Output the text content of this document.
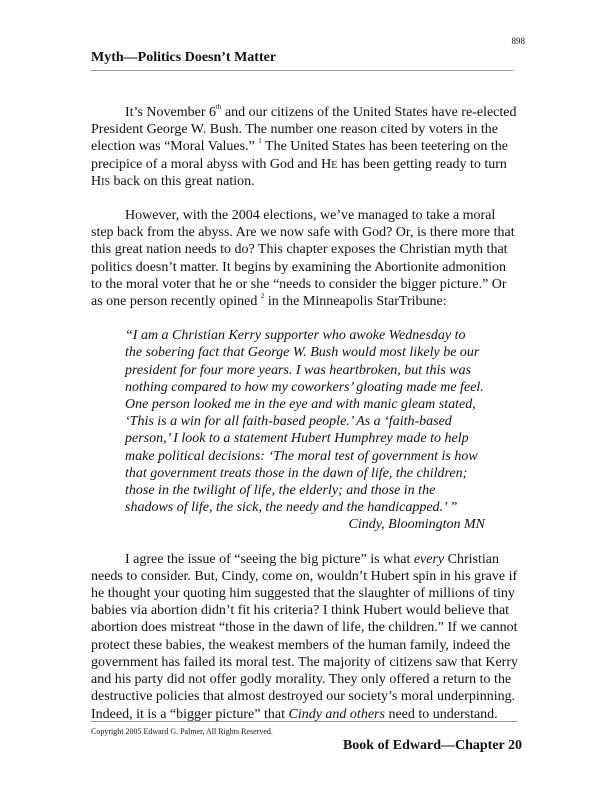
898
Myth—Politics Doesn’t Matter

It’s November 6th and our citizens of the United States have re-elected President George W. Bush. The number one reason cited by voters in the election was “Moral Values.” $^1$ The United States has been teetering on the precipice of a moral abyss with God and He has been getting ready to turn His back on this great nation.

However, with the 2004 elections, we’ve managed to take a moral step back from the abyss. Are we now safe with God? Or, is there more that this great nation needs to do? This chapter exposes the Christian myth that politics doesn’t matter. It begins by examining the Abortionite admonition to the moral voter that he or she “needs to consider the bigger picture.” Or as one person recently opined $^2$ in the Minneapolis StarTribune:

“I am a Christian Kerry supporter who awoke Wednesday to the sobering fact that George W. Bush would most likely be our president for four more years. I was heartbroken, but this was nothing compared to how my coworkers’ gloating made me feel. One person looked me in the eye and with manic gleam stated, ‘This is a win for all faith-based people.’ As a ‘faith-based person,’ I look to a statement Hubert Humphrey made to help make political decisions: ‘The moral test of government is how that government treats those in the dawn of life, the children; those in the twilight of life, the elderly; and those in the shadows of life, the sick, the needy and the handicapped.’ ”
Cindy, Bloomington MN

I agree the issue of “seeing the big picture” is what every Christian needs to consider. But, Cindy, come on, wouldn’t Hubert spin in his grave if he thought your quoting him suggested that the slaughter of millions of tiny babies via abortion didn’t fit his criteria? I think Hubert would believe that abortion does mistreat “those in the dawn of life, the children.” If we cannot protect these babies, the weakest members of the human family, indeed the government has failed its moral test. The majority of citizens saw that Kerry and his party did not offer godly morality. They only offered a return to the destructive policies that almost destroyed our society’s moral underpinning. Indeed, it is a “bigger picture” that Cindy and others need to understand.

Copyright 2005 Edward G. Palmer, All Rights Reserved.
Book of Edward—Chapter 20
